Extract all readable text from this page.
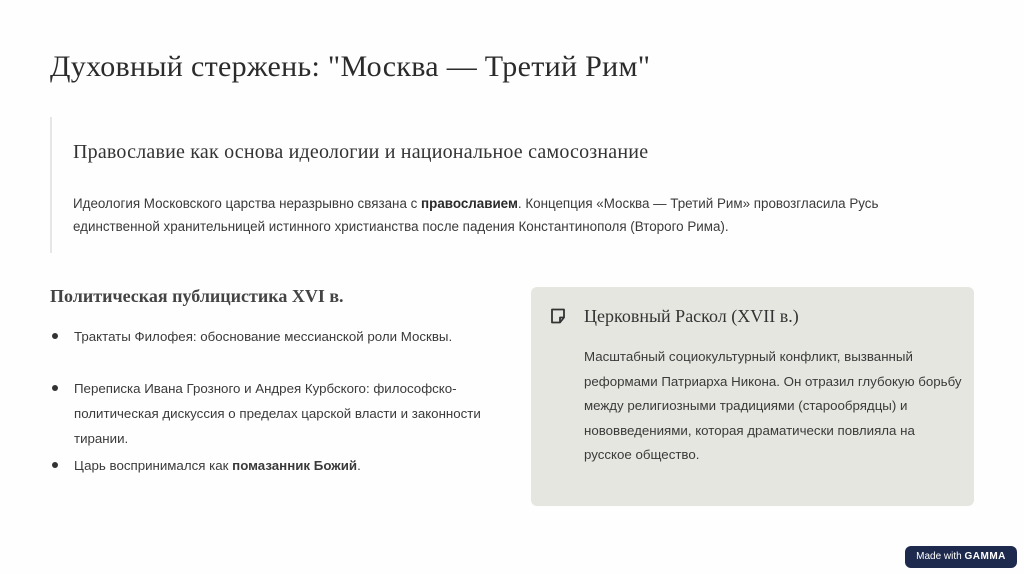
Духовный стержень: "Москва — Третий Рим"
Православие как основа идеологии и национальное самосознание
Идеология Московского царства неразрывно связана с православием. Концепция «Москва — Третий Рим» провозгласила Русь единственной хранительницей истинного христианства после падения Константинополя (Второго Рима).
Политическая публицистика XVI в.
Трактаты Филофея: обоснование мессианской роли Москвы.
Переписка Ивана Грозного и Андрея Курбского: философско-политическая дискуссия о пределах царской власти и законности тирании.
Царь воспринимался как помазанник Божий.
Церковный Раскол (XVII в.)
Масштабный социокультурный конфликт, вызванный реформами Патриарха Никона. Он отразил глубокую борьбу между религиозными традициями (старообрядцы) и нововведениями, которая драматически повлияла на русское общество.
Made with GAMMA
